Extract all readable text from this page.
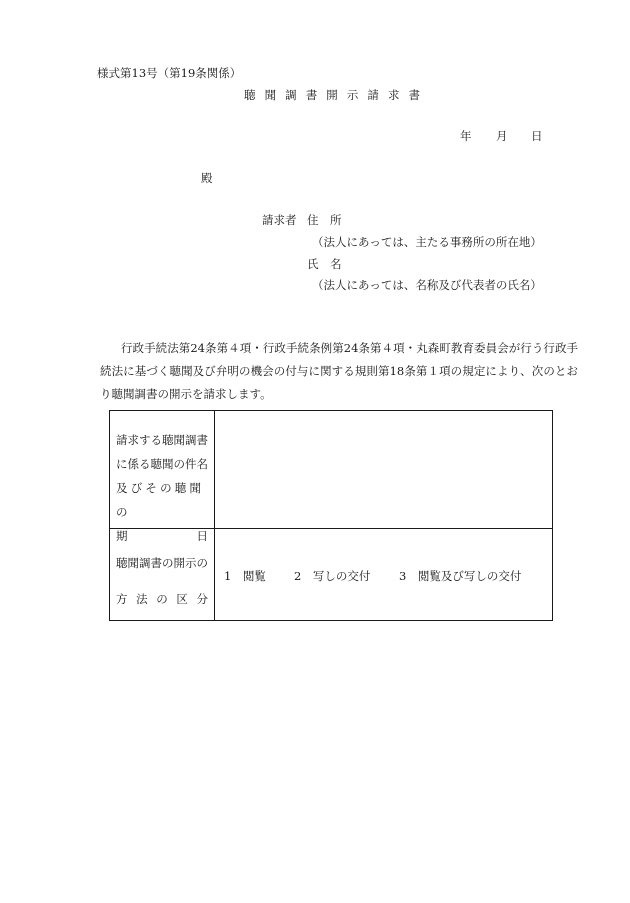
様式第13号（第19条関係）
聴 聞 調 書 開 示 請 求 書
年 月 日
殿
請求者 住　所
（法人にあっては、主たる事務所の所在地）
氏　名
（法人にあっては、名称及び代表者の氏名）
行政手続法第24条第４項・行政手続条例第24条第４項・丸森町教育委員会が行う行政手続法に基づく聴聞及び弁明の機会の付与に関する規則第18条第１項の規定により、次のとおり聴聞調書の開示を請求します。
請求する聴聞調書
に係る聴聞の件名
及びその聴聞の
期	日
聴聞調書の開示の
方 法 の 区 分
1　閲覧 2　写しの交付 3　閲覧及び写しの交付
